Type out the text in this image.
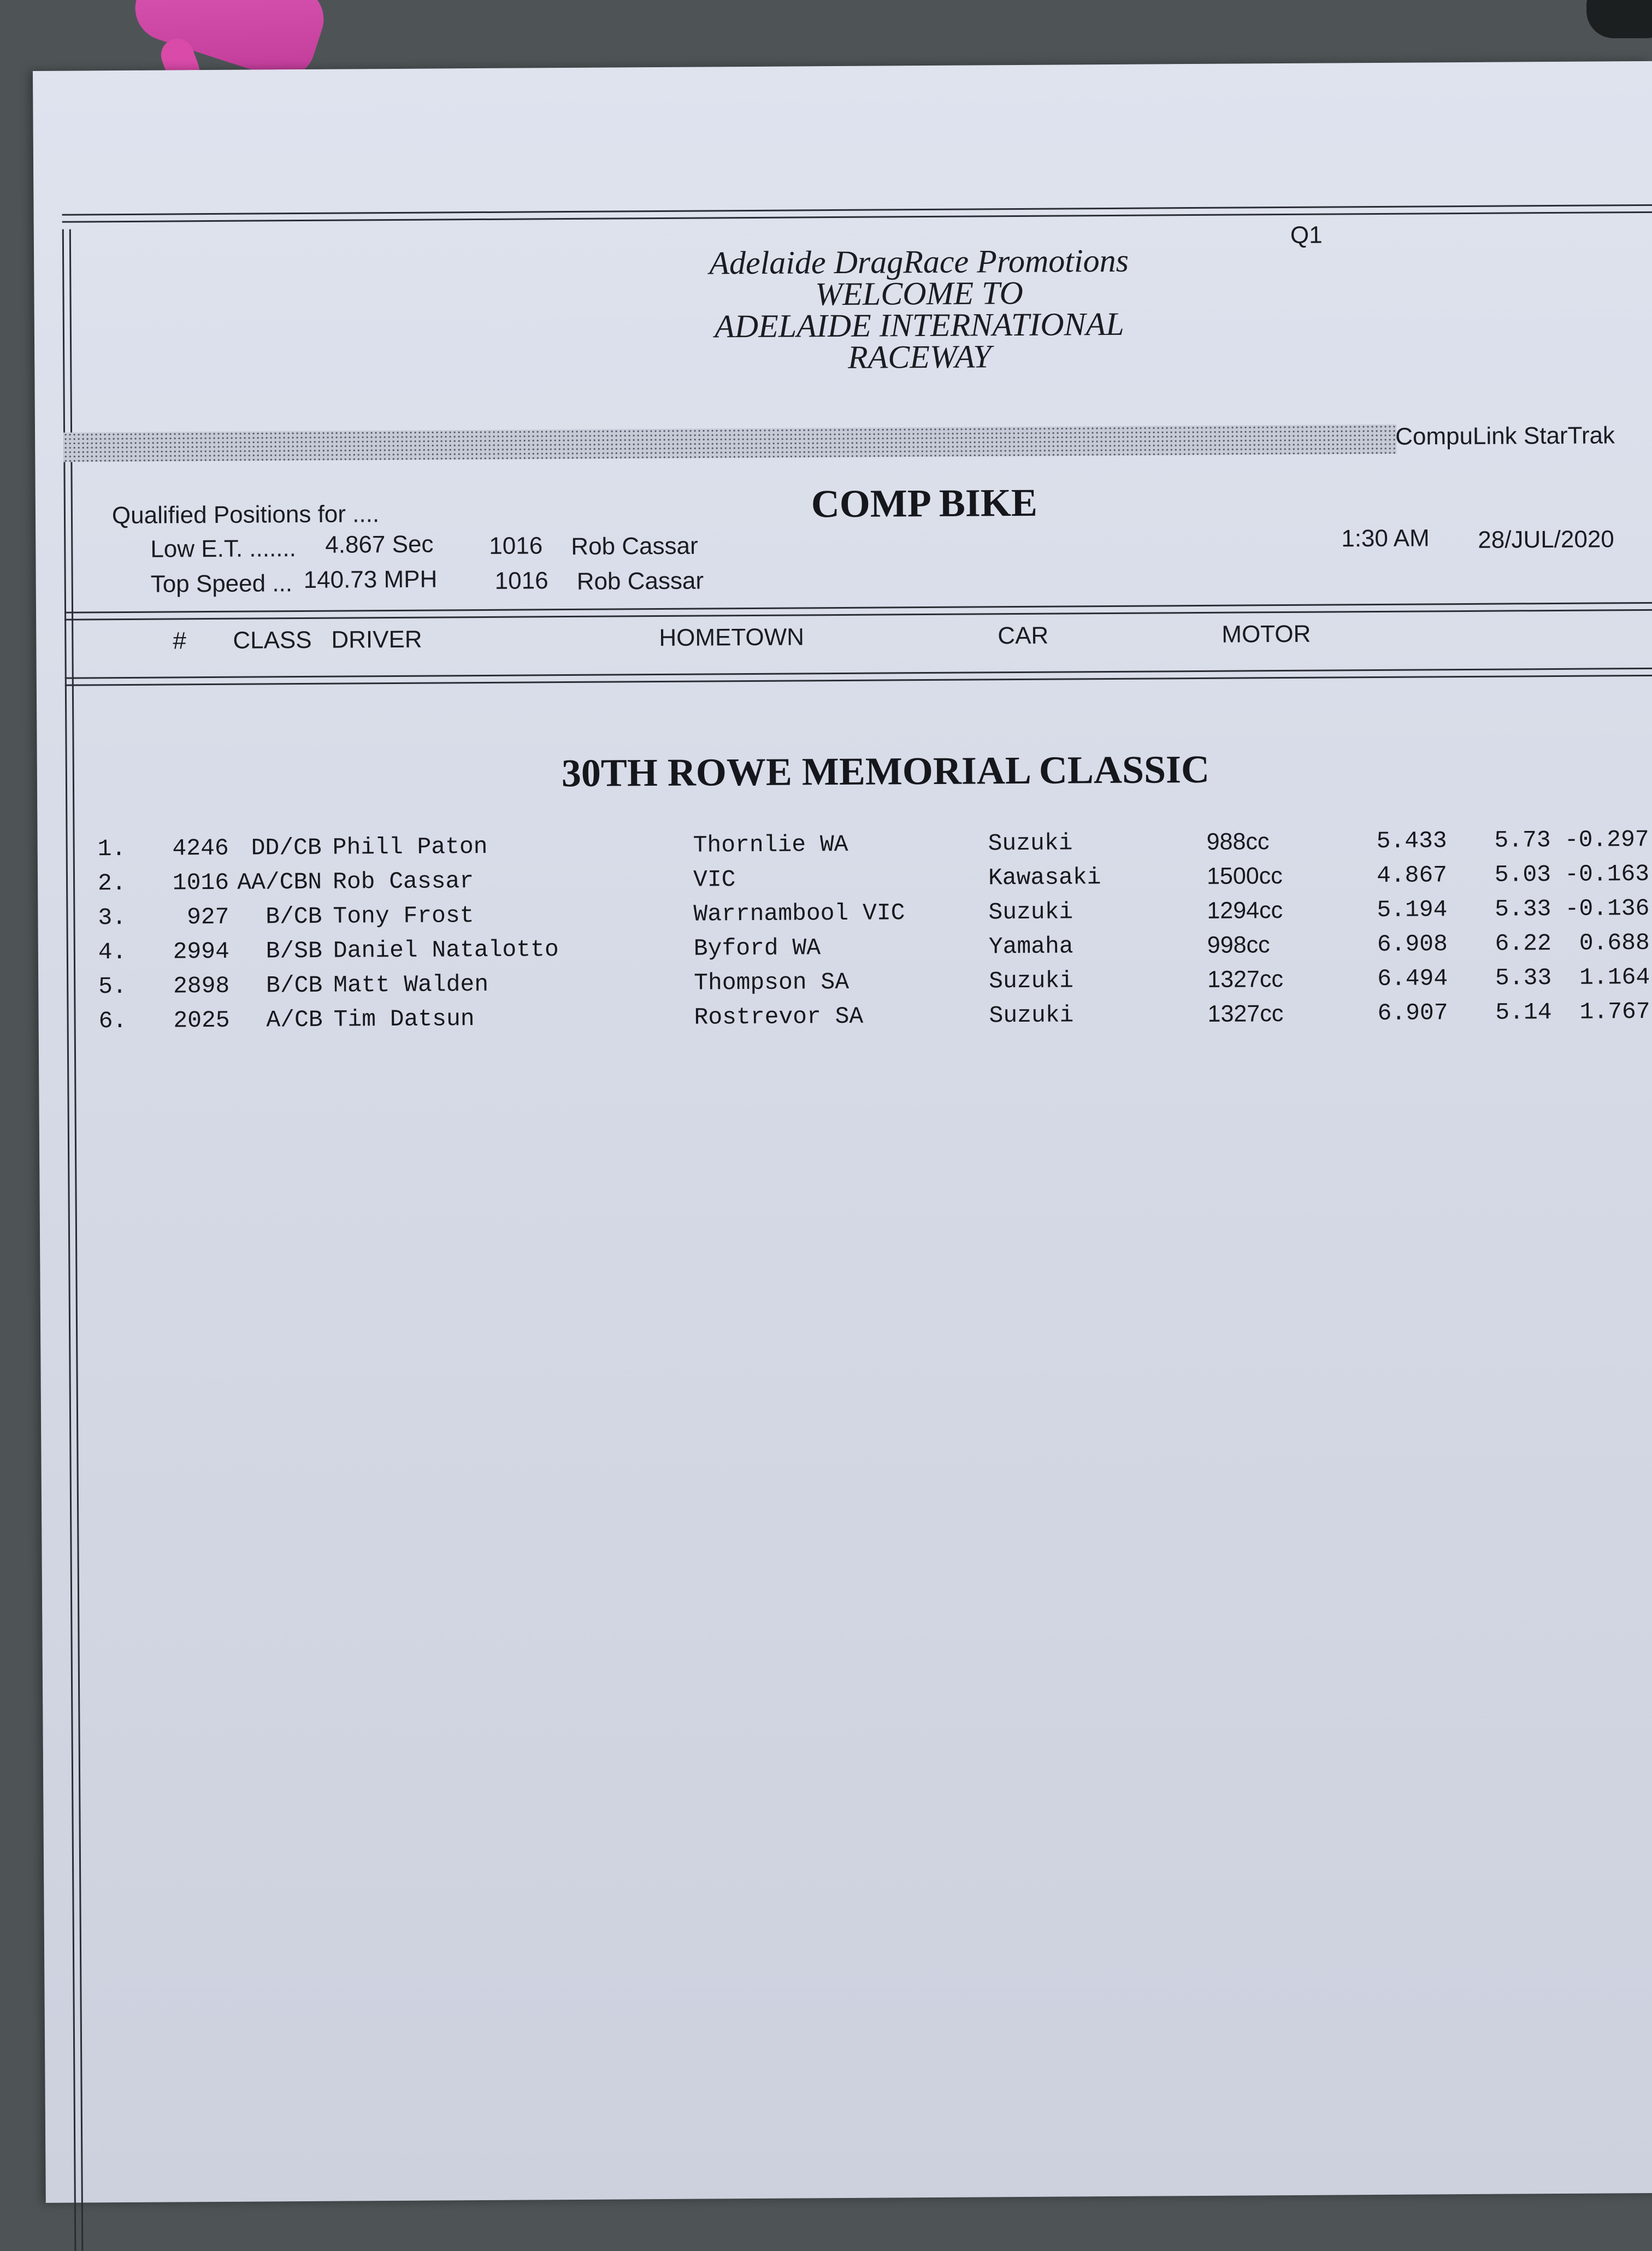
Q1
Adelaide DragRace Promotions
WELCOME TO
ADELAIDE INTERNATIONAL
RACEWAY
CompuLink StarTrak
Qualified Positions for ....	COMP BIKE
Low E.T. ....... 4.867 Sec 1016 Rob Cassar
Top Speed ... 140.73 MPH 1016 Rob Cassar
1:30 AM 28/JUL/2020
# CLASS DRIVER	HOMETOWN	CAR	MOTOR
30TH ROWE MEMORIAL CLASSIC
1.	4246 DD/CB Phill Paton	Thornlie WA	Suzuki	988cc	5.433	5.73 -0.297
2.	1016 AA/CBN Rob Cassar	VIC	Kawasaki	1500cc	4.867	5.03 -0.163
3.	927	B/CB Tony Frost	Warrnambool VIC	Suzuki	1294cc	5.194	5.33 -0.136
4.	2994	B/SB Daniel Natalotto	Byford WA	Yamaha	998cc	6.908	6.22	0.688
5.	2898	B/CB Matt Walden	Thompson SA	Suzuki	1327cc	6.494	5.33	1.164
6.	2025	A/CB Tim Datsun	Rostrevor SA	Suzuki	1327cc	6.907	5.14	1.767
